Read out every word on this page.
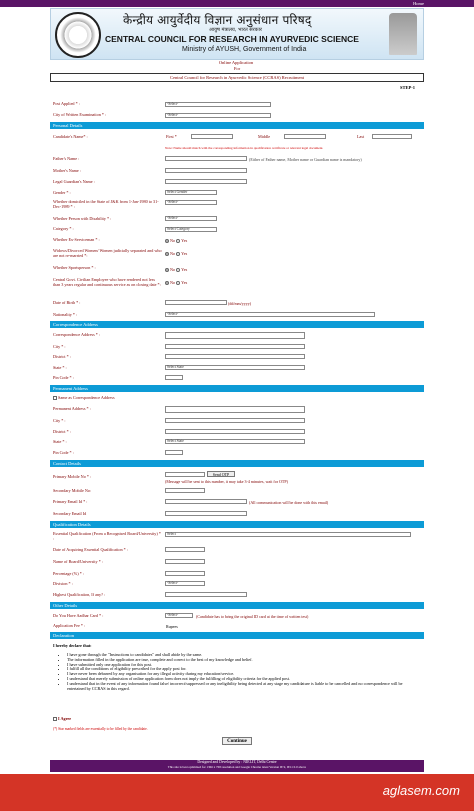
Home
केन्द्रीय आयुर्वेदीय विज्ञान अनुसंधान परिषद्
आयुष मंत्रालय, भारत सरकार
CENTRAL COUNCIL FOR RESEARCH IN AYURVEDIC SCIENCE
Ministry of AYUSH, Government of India
Online Application
For
Central Council for Research in Ayurvedic Science (CCRAS) Recruitment
STEP-1
Post Applied * :	-Select-
City of Written Examination * :	-Select-
Personal Details
Candidate's Name* :	First *	Middle	Last
Note: Name should match with the corresponding information in qualification certificate or relevant legal document.
Father's Name :	(Either of Father name, Mother name or Guardian name is mandatory)
Mother's Name :
Legal Guardian's Name :
Gender * :	Select Gender
Whether domiciled in the State of J&K from 1-Jan-1980 to 31-Dec-1989 * :
-Select-
Whether Person with Disability * :	-Select-
Category * :	Select Category
Whether Ex-Serviceman * :	No Yes
Widows/Divorced Women/ Women judicially separated and who are not re-married *:	No Yes
Whether Sportsperson * :	No Yes
Central Govt. Civilian Employee who have rendered not less than 3 years regular and continuous service as on closing date *:	No Yes
Date of Birth * :	(dd/mm/yyyy)
Nationality * :	-Select-
Correspondence Address
Correspondence Address * :
City * :
District * :
State * :	Select State
Pin Code * :
Permanent Address
Same as Correspondence Address
Permanent Address * :
City * :
District * :
State * :	Select State
Pin Code * :
Contact Details
Primary Mobile No * :	Send OTP
(Message will be sent to this number, it may take 3-4 minutes, wait for OTP)
Secondary Mobile No:
Primary Email Id * :	(All communication will be done with this email)
Secondary Email Id
Qualification Details
Essential Qualification (From a Recognised Board/University) * :
Select
Date of Acquiring Essential Qualification * :
Name of Board/University * :
Percentage (%) * :
Division * :	-Select-
Highest Qualification, If any? :
Other Details
Do You Have Aadhar Card * :	-Select-	(Candidate has to bring the original ID card at the time of written test)
Application Fee * :	Rupees
Declaration
I hereby declare that:
• I have gone through the "Instructions to candidates" and shall abide by the same.
• The information filled in the application are true, complete and correct to the best of my knowledge and belief.
• I have submitted only one application for this post.
• I fulfill all the conditions of eligibility prescribed for the apply post for.
• I have never been debarred by any organisation for any illegal activity during my education/service.
• I understand that merely submission of online application form does not imply the fulfilling of eligibility criteria for the applied post.
• I understand that in the event of any information found false/ incorrect/suppressed or any ineligibility being detected at any stage my candidature is liable to be cancelled and no correspondence will be entertained by CCRAS in this regard.
I Agree
(*) Star marked fields are essentially to be filled by the candidate.
Continue
Designed and Developed by : NIELIT, Delhi Centre
This site is best optimized for 1366 x 768 resolution and Google Chrome latest Version IE 9, IE11 0.0 above
aglasem.com
